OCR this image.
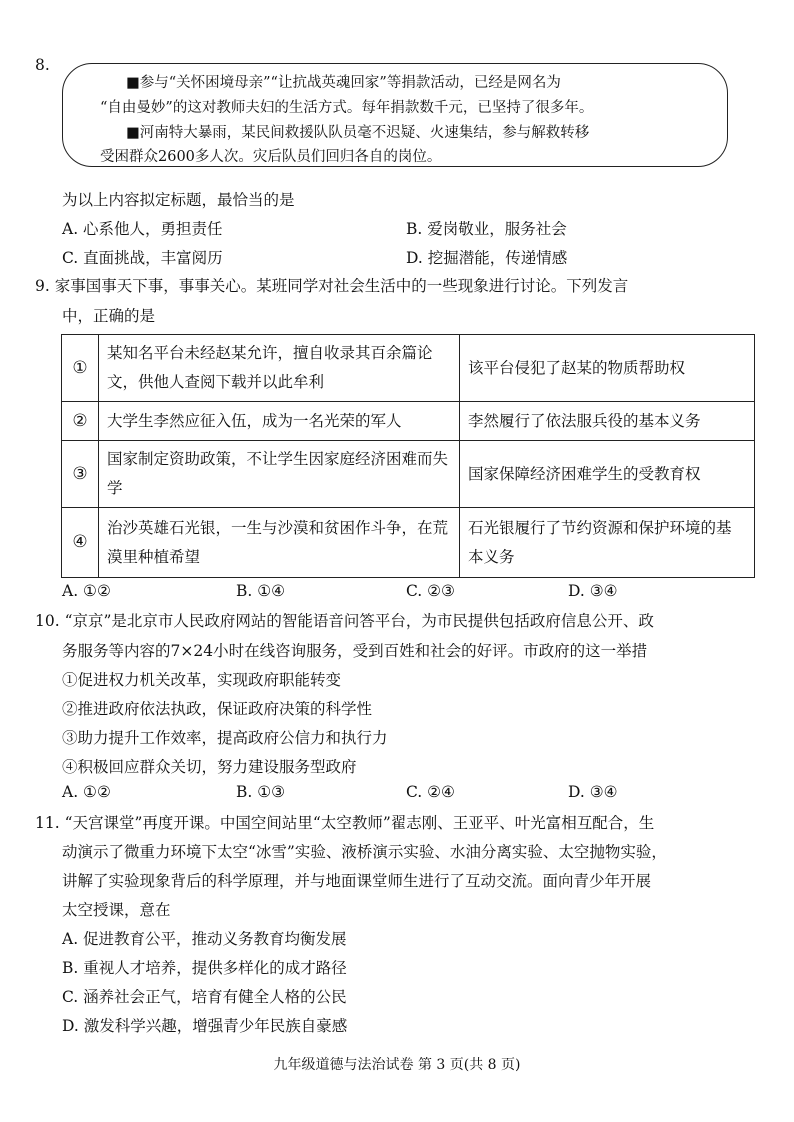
8.
■参与“关怀困境母亲”“让抗战英魂回家”等捐款活动，已经是网名为
“自由曼妙”的这对教师夫妇的生活方式。每年捐款数千元，已坚持了很多年。
■河南特大暴雨，某民间救援队队员毫不迟疑、火速集结，参与解救转移
受困群众2600多人次。灾后队员们回归各自的岗位。
为以上内容拟定标题，最恰当的是
A. 心系他人，勇担责任	B. 爱岗敬业，服务社会
C. 直面挑战，丰富阅历	D. 挖掘潜能，传递情感
9. 家事国事天下事，事事关心。某班同学对社会生活中的一些现象进行讨论。下列发言
中，正确的是
①	某知名平台未经赵某允许，擅自收录其百余篇论文，供他人查阅下载并以此牟利	该平台侵犯了赵某的物质帮助权
②	大学生李然应征入伍，成为一名光荣的军人	李然履行了依法服兵役的基本义务
③	国家制定资助政策，不让学生因家庭经济困难而失学	国家保障经济困难学生的受教育权
④	治沙英雄石光银，一生与沙漠和贫困作斗争，在荒漠里种植希望	石光银履行了节约资源和保护环境的基本义务
A. ①②	B. ①④	C. ②③	D. ③④
10. “京京”是北京市人民政府网站的智能语音问答平台，为市民提供包括政府信息公开、政
务服务等内容的7×24小时在线咨询服务，受到百姓和社会的好评。市政府的这一举措
①促进权力机关改革，实现政府职能转变
②推进政府依法执政，保证政府决策的科学性
③助力提升工作效率，提高政府公信力和执行力
④积极回应群众关切，努力建设服务型政府
A. ①②	B. ①③	C. ②④	D. ③④
11. “天宫课堂”再度开课。中国空间站里“太空教师”翟志刚、王亚平、叶光富相互配合，生
动演示了微重力环境下太空“冰雪”实验、液桥演示实验、水油分离实验、太空抛物实验，
讲解了实验现象背后的科学原理，并与地面课堂师生进行了互动交流。面向青少年开展
太空授课，意在
A. 促进教育公平，推动义务教育均衡发展
B. 重视人才培养，提供多样化的成才路径
C. 涵养社会正气，培育有健全人格的公民
D. 激发科学兴趣，增强青少年民族自豪感
九年级道德与法治试卷 第 3 页(共 8 页)
